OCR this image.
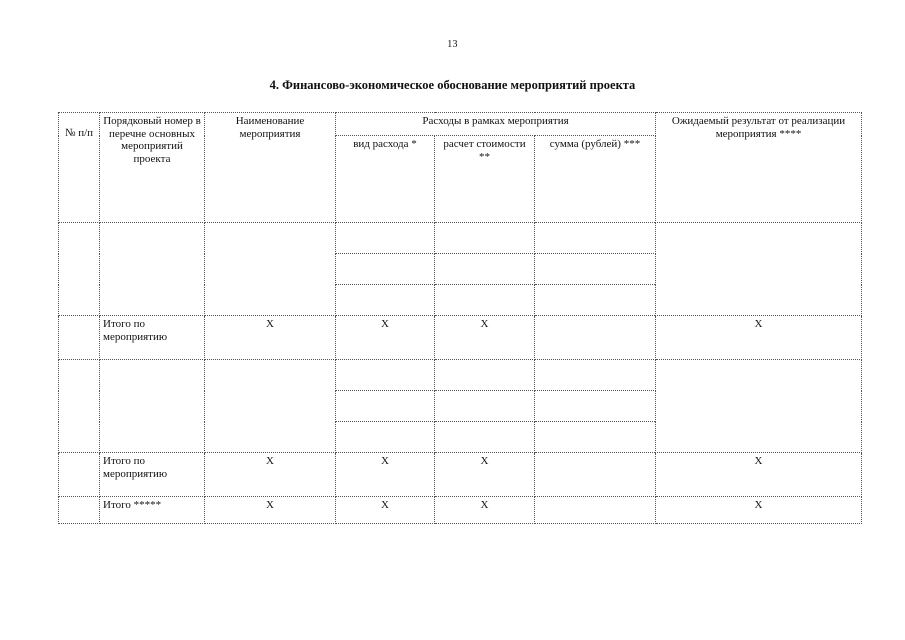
13
4. Финансово-экономическое обоснование мероприятий проекта
№ п/п	Порядковый номер в перечне основных мероприятий проекта	Наименование мероприятия	Расходы в рамках мероприятия			Ожидаемый результат от реализации мероприятия ****
			вид расхода *	расчет стоимости **	сумма (рублей) ***	

	Итого по мероприятию	X	X	X		X

	Итого по мероприятию	X	X	X		X
	Итого *****	X	X	X		X
